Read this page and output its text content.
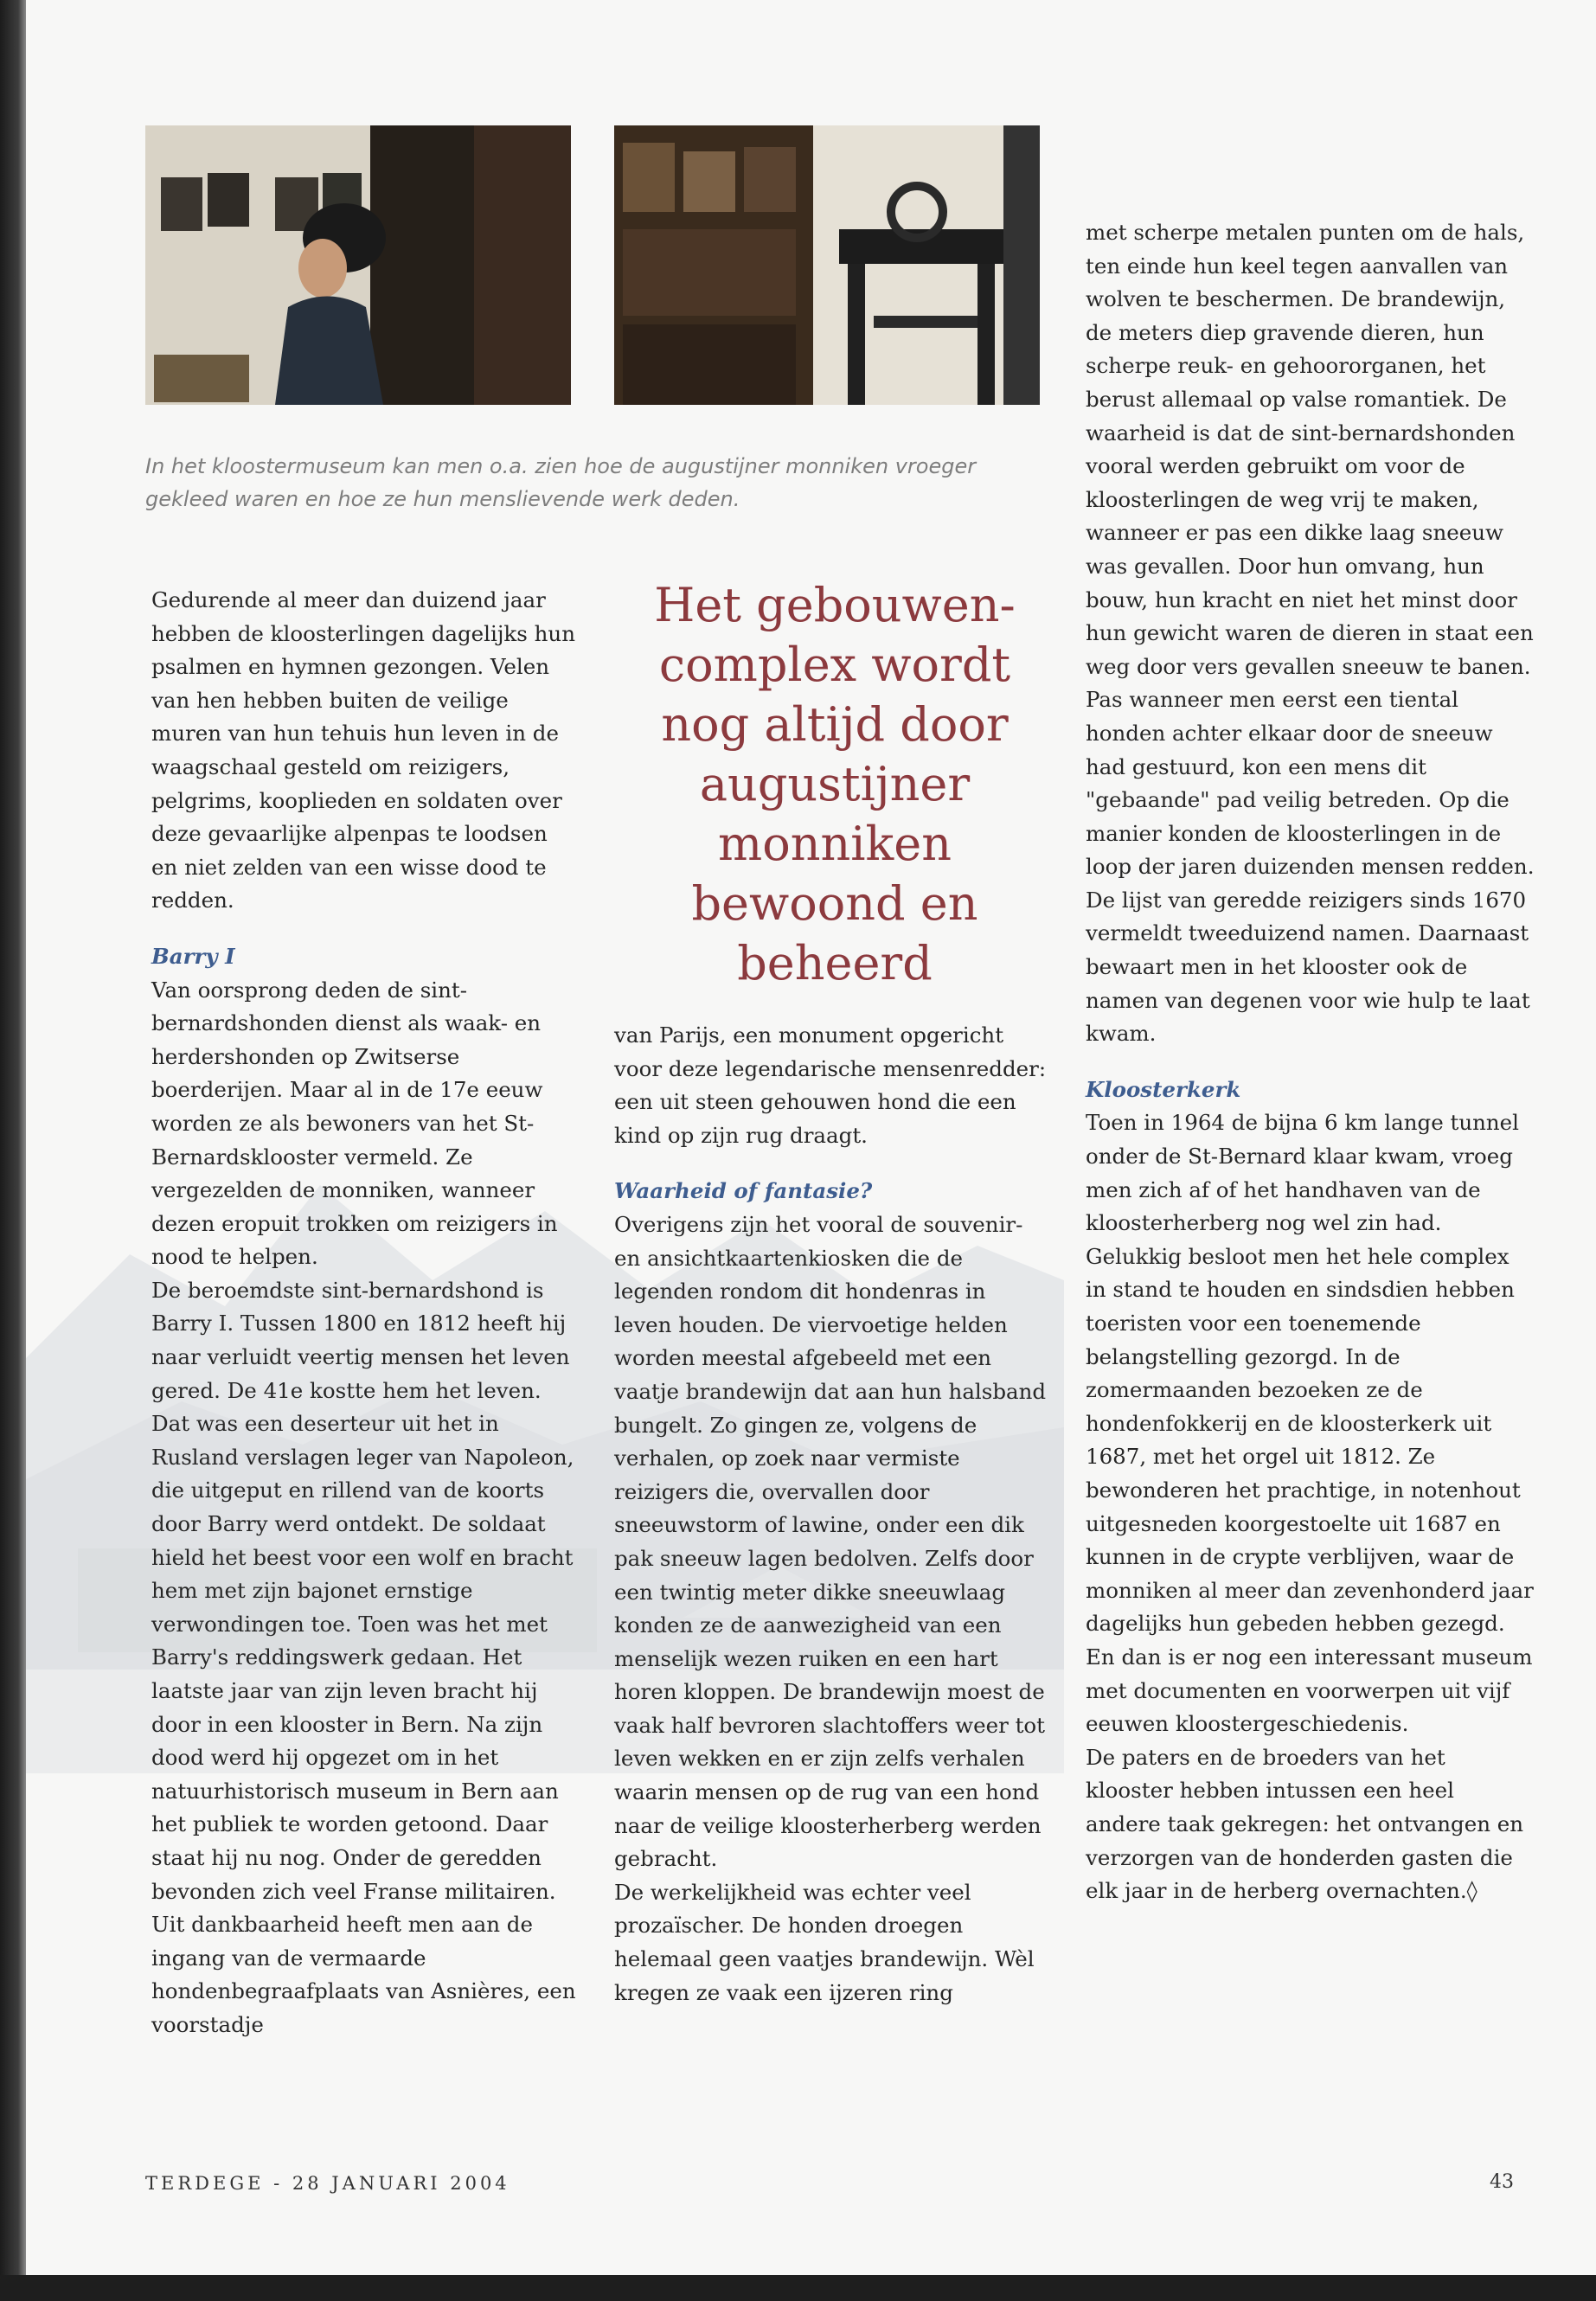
In het kloostermuseum kan men o.a. zien hoe de augustijner monniken vroeger gekleed waren en hoe ze hun menslievende werk deden.

Gedurende al meer dan duizend jaar hebben de kloosterlingen dagelijks hun psalmen en hymnen gezongen. Velen van hen hebben buiten de veilige muren van hun tehuis hun leven in de waagschaal gesteld om reizigers, pelgrims, kooplieden en soldaten over deze gevaarlijke alpenpas te loodsen en niet zelden van een wisse dood te redden.

Barry I

Van oorsprong deden de sint-bernardshonden dienst als waak- en herdershonden op Zwitserse boerderijen. Maar al in de 17e eeuw worden ze als bewoners van het St-Bernardsklooster vermeld. Ze vergezelden de monniken, wanneer dezen eropuit trokken om reizigers in nood te helpen.

De beroemdste sint-bernardshond is Barry I. Tussen 1800 en 1812 heeft hij naar verluidt veertig mensen het leven gered. De 41e kostte hem het leven. Dat was een deserteur uit het in Rusland verslagen leger van Napoleon, die uitgeput en rillend van de koorts door Barry werd ontdekt. De soldaat hield het beest voor een wolf en bracht hem met zijn bajonet ernstige verwondingen toe. Toen was het met Barry's reddingswerk gedaan. Het laatste jaar van zijn leven bracht hij door in een klooster in Bern. Na zijn dood werd hij opgezet om in het natuurhistorisch museum in Bern aan het publiek te worden getoond. Daar staat hij nu nog. Onder de geredden bevonden zich veel Franse militairen. Uit dankbaarheid heeft men aan de ingang van de vermaarde hondenbegraafplaats van Asnières, een voorstadje

Het gebouwen-complex wordt nog altijd door augustijner monniken bewoond en beheerd

van Parijs, een monument opgericht voor deze legendarische mensenredder: een uit steen gehouwen hond die een kind op zijn rug draagt.

Waarheid of fantasie?

Overigens zijn het vooral de souvenir- en ansichtkaartenkiosken die de legenden rondom dit hondenras in leven houden. De viervoetige helden worden meestal afgebeeld met een vaatje brandewijn dat aan hun halsband bungelt. Zo gingen ze, volgens de verhalen, op zoek naar vermiste reizigers die, overvallen door sneeuwstorm of lawine, onder een dik pak sneeuw lagen bedolven. Zelfs door een twintig meter dikke sneeuwlaag konden ze de aanwezigheid van een menselijk wezen ruiken en een hart horen kloppen. De brandewijn moest de vaak half bevroren slachtoffers weer tot leven wekken en er zijn zelfs verhalen waarin mensen op de rug van een hond naar de veilige kloosterherberg werden gebracht.

De werkelijkheid was echter veel prozaïscher. De honden droegen helemaal geen vaatjes brandewijn. Wèl kregen ze vaak een ijzeren ring

met scherpe metalen punten om de hals, ten einde hun keel tegen aanvallen van wolven te beschermen. De brandewijn, de meters diep gravende dieren, hun scherpe reuk- en gehoororganen, het berust allemaal op valse romantiek. De waarheid is dat de sint-bernardshonden vooral werden gebruikt om voor de kloosterlingen de weg vrij te maken, wanneer er pas een dikke laag sneeuw was gevallen. Door hun omvang, hun bouw, hun kracht en niet het minst door hun gewicht waren de dieren in staat een weg door vers gevallen sneeuw te banen. Pas wanneer men eerst een tiental honden achter elkaar door de sneeuw had gestuurd, kon een mens dit "gebaande" pad veilig betreden. Op die manier konden de kloosterlingen in de loop der jaren duizenden mensen redden. De lijst van geredde reizigers sinds 1670 vermeldt tweeduizend namen. Daarnaast bewaart men in het klooster ook de namen van degenen voor wie hulp te laat kwam.

Kloosterkerk

Toen in 1964 de bijna 6 km lange tunnel onder de St-Bernard klaar kwam, vroeg men zich af of het handhaven van de kloosterherberg nog wel zin had. Gelukkig besloot men het hele complex in stand te houden en sindsdien hebben toeristen voor een toenemende belangstelling gezorgd. In de zomermaanden bezoeken ze de hondenfokkerij en de kloosterkerk uit 1687, met het orgel uit 1812. Ze bewonderen het prachtige, in notenhout uitgesneden koorgestoelte uit 1687 en kunnen in de crypte verblijven, waar de monniken al meer dan zevenhonderd jaar dagelijks hun gebeden hebben gezegd. En dan is er nog een interessant museum met documenten en voorwerpen uit vijf eeuwen kloostergeschiedenis.

De paters en de broeders van het klooster hebben intussen een heel andere taak gekregen: het ontvangen en verzorgen van de honderden gasten die elk jaar in de herberg overnachten.◊

TERDEGE - 28 JANUARI 2004	43
